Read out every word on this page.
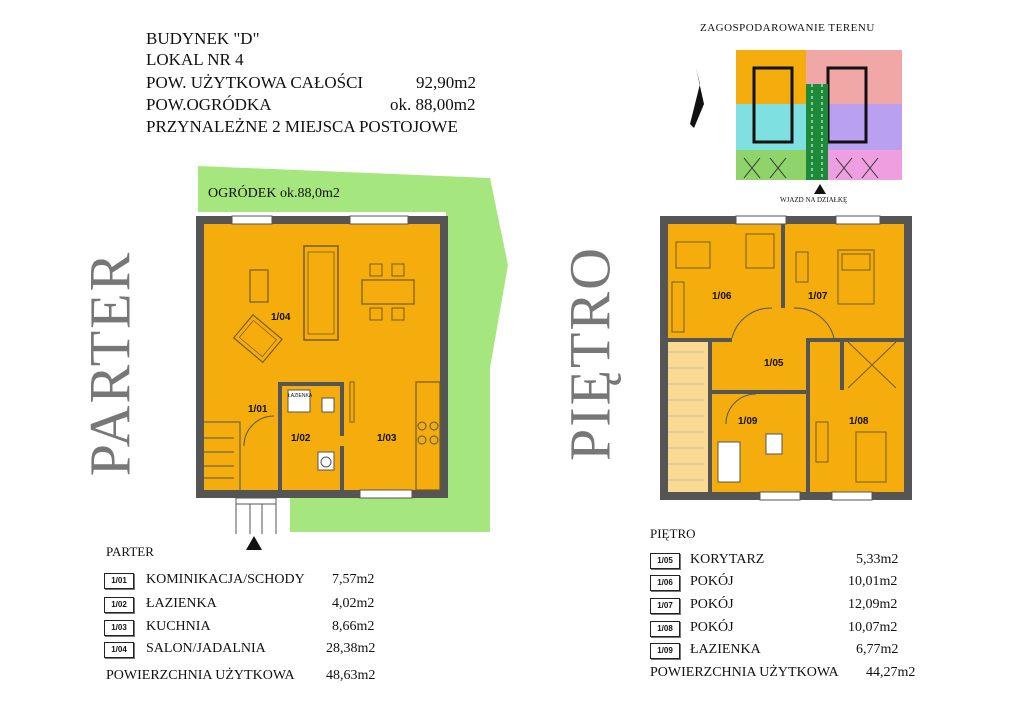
BUDYNEK "D"
LOKAL NR 4
POW. UŻYTKOWA CAŁOŚCI	92,90m2
POW.OGRÓDKA	ok. 88,00m2
PRZYNALEŻNE 2 MIEJSCA POSTOJOWE
PARTER	PIĘTRO
OGRÓDEK ok.88,0m2
1/04
1/01
1/02	1/03
ŁAZIENKA
1/06	1/07
1/05
1/09	1/08
ZAGOSPODAROWANIE TERENU
WJAZD NA DZIAŁKĘ
PARTER
1/01	KOMINIKACJA/SCHODY 7,57m2
1/02	ŁAZIENKA	4,02m2
1/03	KUCHNIA	8,66m2
1/04	SALON/JADALNIA	28,38m2
POWIERZCHNIA UŻYTKOWA 48,63m2
PIĘTRO
1/05	KORYTARZ	5,33m2
1/06	POKÓJ	10,01m2
1/07	POKÓJ	12,09m2
1/08	POKÓJ	10,07m2
1/09	ŁAZIENKA	6,77m2
POWIERZCHNIA UŻYTKOWA 44,27m2
